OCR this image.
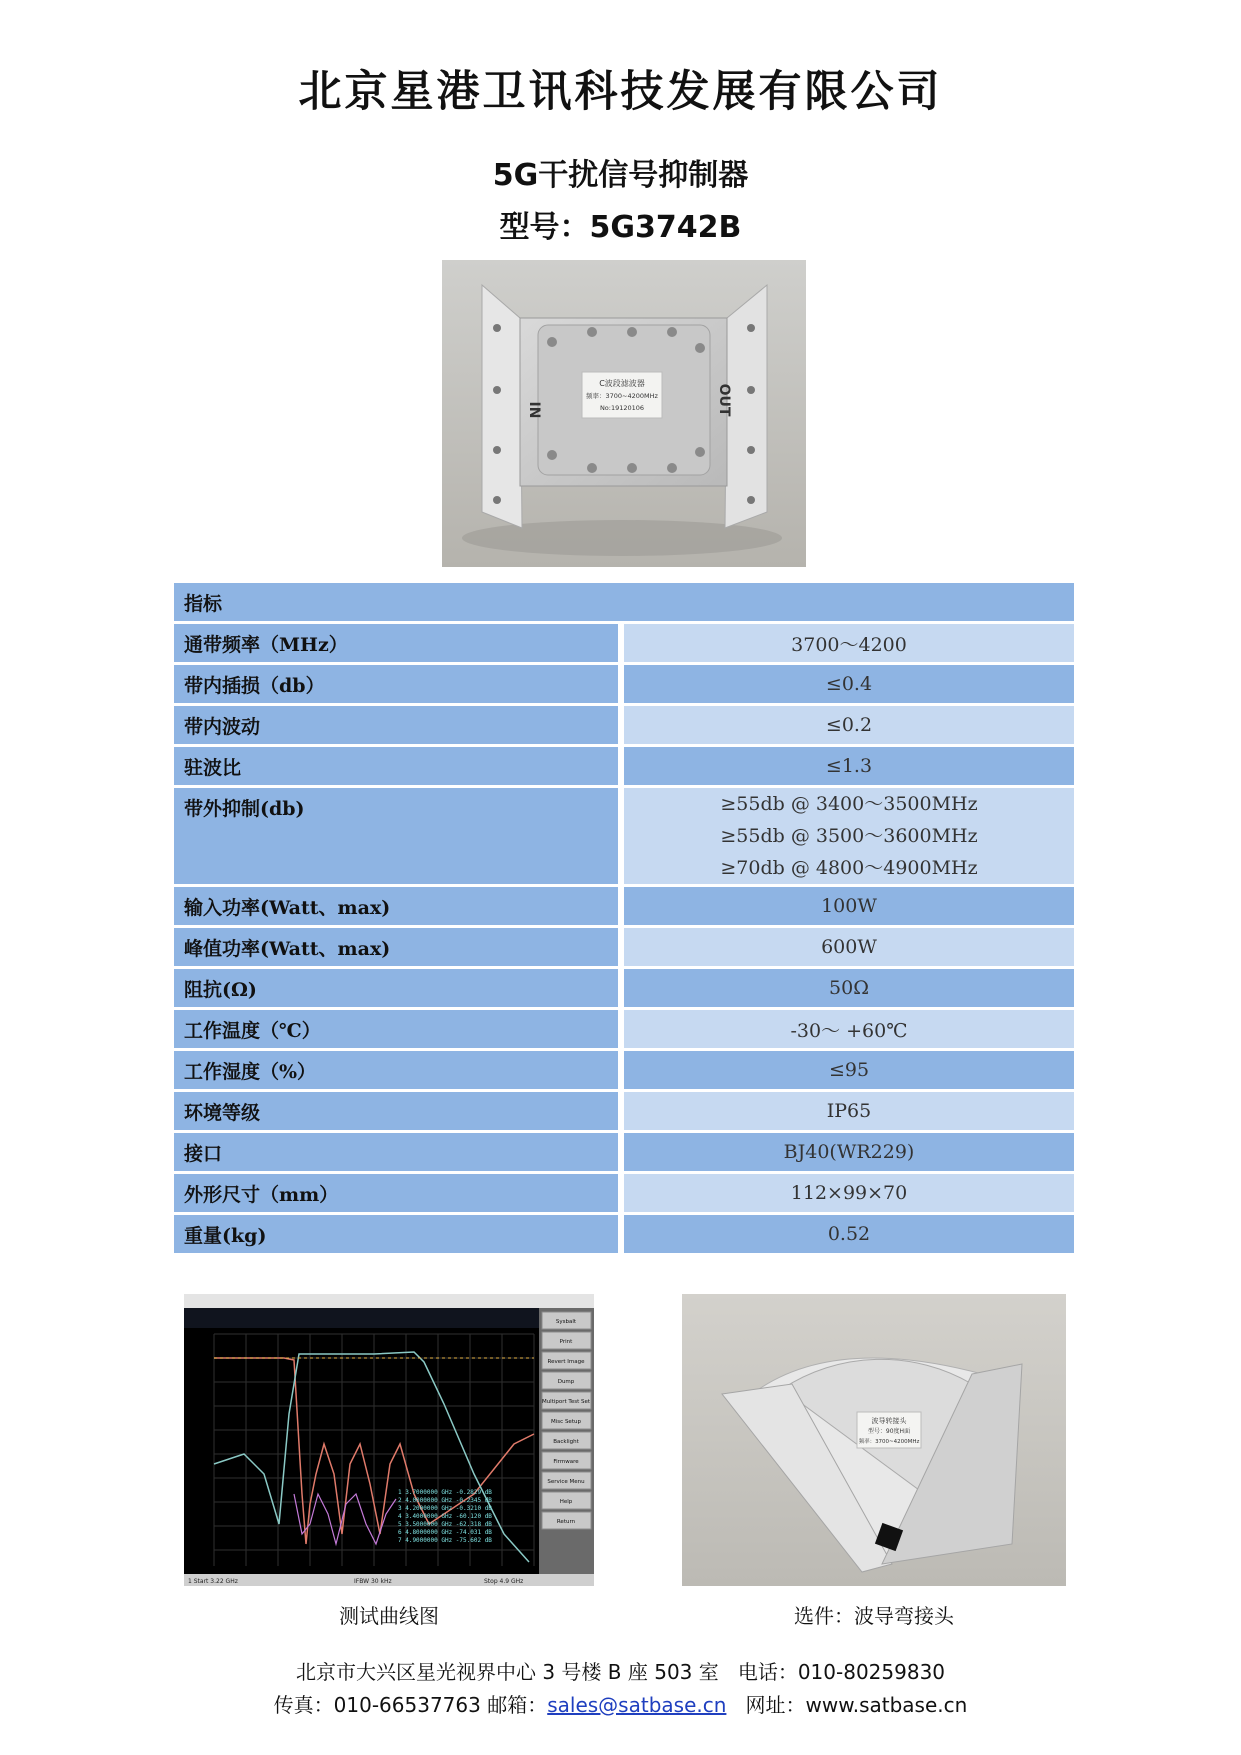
北京星港卫讯科技发展有限公司
5G干扰信号抑制器
型号：5G3742B
IN	OUT
C波段滤波器
频率：3700~4200MHz
No:19120106
指标	
通带频率（MHz）	3700～4200
带内插损（db）	≤0.4
带内波动	≤0.2
驻波比	≤1.3
带外抑制(db)	≥55db @ 3400～3500MHz
≥55db @ 3500～3600MHz
≥70db @ 4800～4900MHz

输入功率(Watt、max)	100W
峰值功率(Watt、max)	600W
阻抗(Ω)	50Ω
工作温度（℃）	-30～ +60℃
工作湿度（%）	≤95
环境等级	IP65
接口	BJ40(WR229)
外形尺寸（mm）	112×99×70
重量(kg)	0.52
1 3.7000000 GHz -0.2829 dB
2 4.0000000 GHz -0.2345 dB
3 4.2000000 GHz -0.3210 dB
4 3.4000000 GHz -60.120 dB
5 3.5000000 GHz -62.318 dB
6 4.8000000 GHz -74.031 dB
7 4.9000000 GHz -75.602 dB
Sysbalt
Print
Revert Image
Dump
Multiport Test Set
Misc Setup
Backlight
Firmware
Service Menu
Help
Return
1 Start 3.22 GHz	IFBW 30 kHz	Stop 4.9 GHz
波导转接头
型号：90度H面
频率：3700~4200MHz
测试曲线图	选件：波导弯接头
北京市大兴区星光视界中心 3 号楼 B 座 503 室 电话：010-80259830
传真：010-66537763 邮箱：sales@satbase.cn 网址：www.satbase.cn
